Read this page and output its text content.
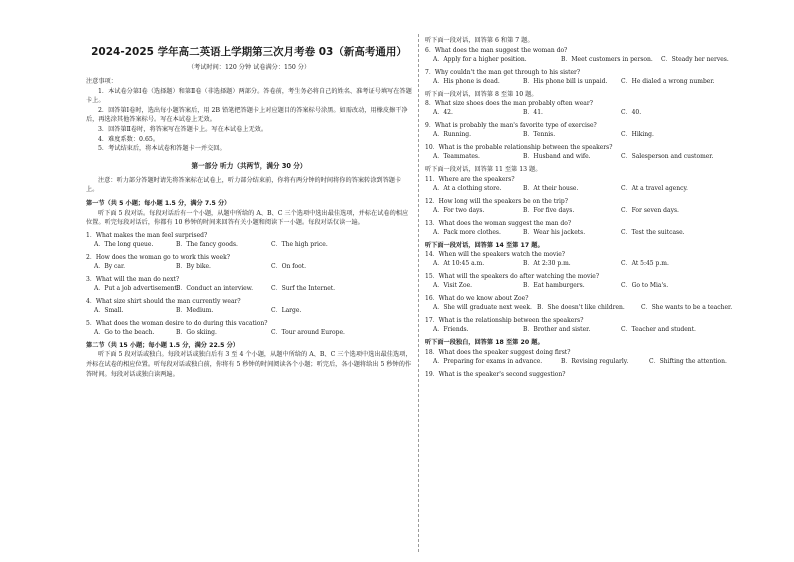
2024-2025 学年高二英语上学期第三次月考卷 03（新高考通用）
（考试时间：120 分钟 试卷满分：150 分）

注意事项：

1．本试卷分第Ⅰ卷（选择题）和第Ⅱ卷（非选择题）两部分。答卷前，考生务必将自己的姓名、准考证号填写在答题卡上。

2．回答第Ⅰ卷时，选出每小题答案后，用 2B 铅笔把答题卡上对应题目的答案标号涂黑。如需改动，用橡皮擦干净后，再选涂其他答案标号。写在本试卷上无效。

3．回答第Ⅱ卷时，将答案写在答题卡上。写在本试卷上无效。

4．难度系数：0.65。

5．考试结束后，将本试卷和答题卡一并交回。

第一部分 听力（共两节，满分 30 分）

注意：听力部分答题时请先将答案标在试卷上，听力部分结束前，你将有两分钟的时间将你的答案转涂到答题卡上。

第一节（共 5 小题；每小题 1.5 分，满分 7.5 分）

听下面 5 段对话。每段对话后有一个小题，从题中所给的 A、B、C 三个选项中选出最佳选项，并标在试卷的相应位置。听完每段对话后，你都有 10 秒钟的时间来回答有关小题和阅读下一小题。每段对话仅读一遍。

1．What makes the man feel surprised?

A．The long queue.	B．The fancy goods.	C．The high price.

2．How does the woman go to work this week?

A．By car.	B．By bike.	C．On foot.

3．What will the man do next?

A．Put a job advertisement.
B．Conduct an interview.	C．Surf the Internet.

4．What size shirt should the man currently wear?

A．Small.	B．Medium.	C．Large.

5．What does the woman desire to do during this vacation?

A．Go to the beach.	B．Go skiing.	C．Tour around Europe.

第二节（共 15 小题；每小题 1.5 分，满分 22.5 分）

听下面 5 段对话或独白。每段对话或独白后有 3 至 4 个小题，从题中所给的 A、B、C 三个选项中选出最佳选项，并标在试卷的相应位置。听每段对话或独白前，你将有 5 秒钟的时间阅读各个小题；听完后，各小题将给出 5 秒钟的作答时间。每段对话或独白读两遍。

听下面一段对话，回答第 6 和第 7 题。

6．What does the man suggest the woman do?

A．Apply for a higher position.	B．Meet customers in person.	C．Steady her nerves.

7．Why couldn't the man get through to his sister?

A．His phone is dead.	B．His phone bill is unpaid.	C．He dialed a wrong number.

听下面一段对话，回答第 8 至第 10 题。

8．What size shoes does the man probably often wear?

A．42.	B．41.	C．40.

9．What is probably the man's favorite type of exercise?

A．Running.	B．Tennis.	C．Hiking.

10．What is the probable relationship between the speakers?

A．Teammates.	B．Husband and wife.	C．Salesperson and customer.

听下面一段对话，回答第 11 至第 13 题。

11．Where are the speakers?

A．At a clothing store.	B．At their house.	C．At a travel agency.

12．How long will the speakers be on the trip?

A．For two days.	B．For five days.	C．For seven days.

13．What does the woman suggest the man do?

A．Pack more clothes.	B．Wear his jackets.	C．Test the suitcase.

听下面一段对话，回答第 14 至第 17 题。

14．When will the speakers watch the movie?

A．At 10:45 a.m.	B．At 2:30 p.m.	C．At 5:45 p.m.

15．What will the speakers do after watching the movie?

A．Visit Zoe.	B．Eat hamburgers.	C．Go to Mia's.

16．What do we know about Zoe?

A．She will graduate next week. B．She doesn't like children.	C．She wants to be a teacher.

17．What is the relationship between the speakers?

A．Friends.	B．Brother and sister.	C．Teacher and student.

听下面一段独白，回答第 18 至第 20 题。

18．What does the speaker suggest doing first?

A．Preparing for exams in advance.	B．Revising regularly.	C．Shifting the attention.

19．What is the speaker's second suggestion?
